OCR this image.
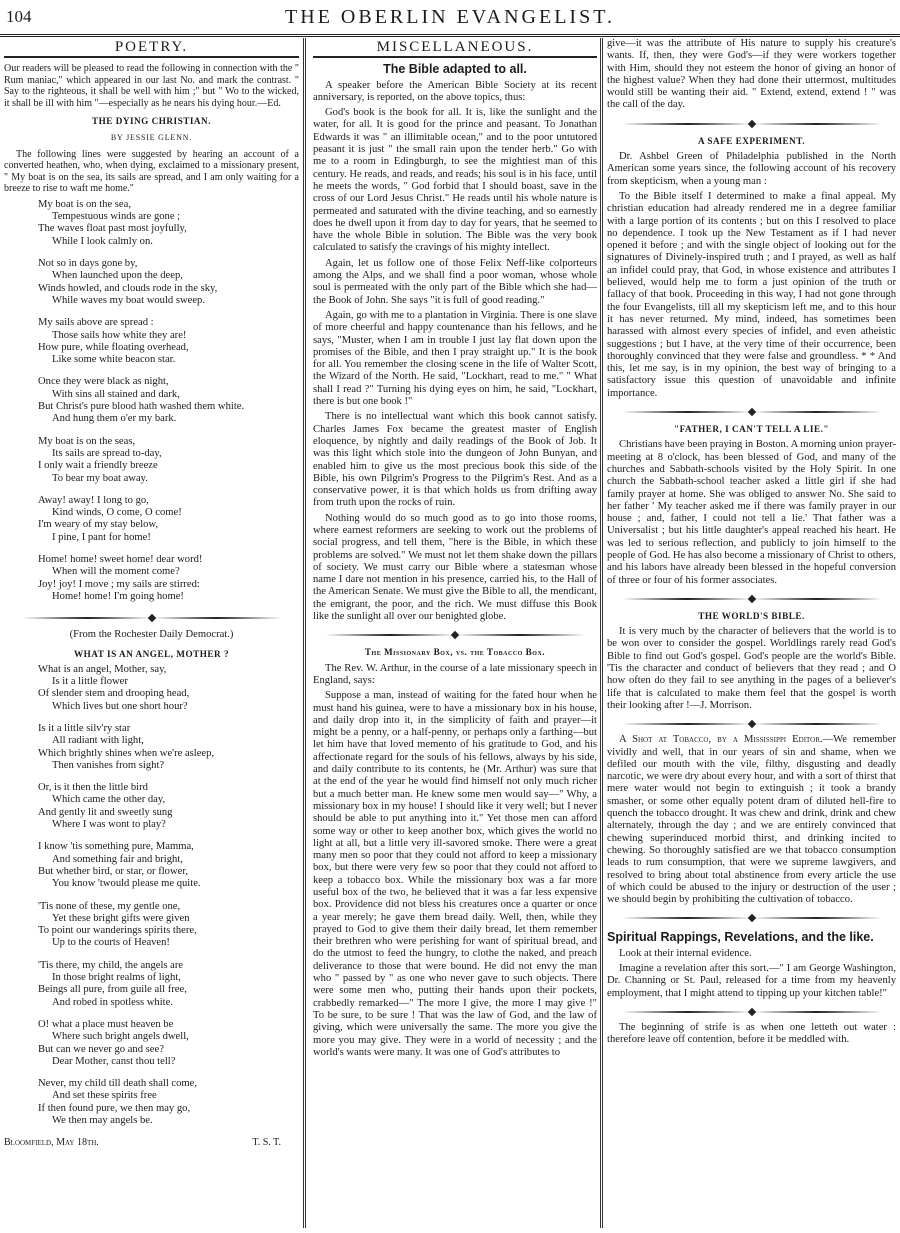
104	THE OBERLIN EVANGELIST.
POETRY.

Our readers will be pleased to read the following in connection with the " Rum maniac," which appeared in our last No. and mark the contrast. " Say to the righteous, it shall be well with him ;" but " Wo to the wicked, it shall be ill with him "—especially as he nears his dying hour.—Ed.

THE DYING CHRISTIAN.
BY JESSIE GLENN.

The following lines were suggested by hearing an account of a converted heathen, who, when dying, exclaimed to a missionary present, " My boat is on the sea, its sails are spread, and I am only waiting for a breeze to rise to waft me home."

My boat is on the sea,
Tempestuous winds are gone ;
The waves float past most joyfully,
While I look calmly on.
Not so in days gone by,
When launched upon the deep,
Winds howled, and clouds rode in the sky,
While waves my boat would sweep.
My sails above are spread :
Those sails how white they are!
How pure, while floating overhead,
Like some white beacon star.
Once they were black as night,
With sins all stained and dark,
But Christ's pure blood hath washed them white.
And hung them o'er my bark.
My boat is on the seas,
Its sails are spread to-day,
I only wait a friendly breeze
To bear my boat away.
Away! away! I long to go,
Kind winds, O come, O come!
I'm weary of my stay below,
I pine, I pant for home!
Home! home! sweet home! dear word!
When will the moment come?
Joy! joy! I move ; my sails are stirred:
Home! home! I'm going home!
(From the Rochester Daily Democrat.)
WHAT IS AN ANGEL, MOTHER ?
What is an angel, Mother, say,
Is it a little flower
Of slender stem and drooping head,
Which lives but one short hour?
Is it a little silv'ry star
All radiant with light,
Which brightly shines when we're asleep,
Then vanishes from sight?
Or, is it then the little bird
Which came the other day,
And gently lit and sweetly sung
Where I was wont to play?
I know 'tis something pure, Mamma,
And something fair and bright,
But whether bird, or star, or flower,
You know 'twould please me quite.
'Tis none of these, my gentle one,
Yet these bright gifts were given
To point our wanderings spirits there,
Up to the courts of Heaven!
'Tis there, my child, the angels are
In those bright realms of light,
Beings all pure, from guile all free,
And robed in spotless white.
O! what a place must heaven be
Where such bright angels dwell,
But can we never go and see?
Dear Mother, canst thou tell?
Never, my child till death shall come,
And set these spirits free
If then found pure, we then may go,
We then may angels be.
Bloomfield, May 18th.	T. S. T.
MISCELLANEOUS.
The Bible adapted to all.

A speaker before the American Bible Society at its recent anniversary, is reported, on the above topics, thus:

God's book is the book for all. It is, like the sunlight and the water, for all. It is good for the prince and peasant. To Jonathan Edwards it was " an illimitable ocean," and to the poor untutored peasant it is just " the small rain upon the tender herb." Go with me to a room in Edingburgh, to see the mightiest man of this century. He reads, and reads, and reads; his soul is in his face, until he meets the words, " God forbid that I should boast, save in the cross of our Lord Jesus Christ." He reads until his whole nature is permeated and saturated with the divine teaching, and so earnestly does he dwell upon it from day to day for years, that he seemed to have the whole Bible in solution. The Bible was the very book calculated to satisfy the cravings of his mighty intellect.

Again, let us follow one of those Felix Neff-like colporteurs among the Alps, and we shall find a poor woman, whose whole soul is permeated with the only part of the Bible which she had—the Book of John. She says "it is full of good reading."

Again, go with me to a plantation in Virginia. There is one slave of more cheerful and happy countenance than his fellows, and he says, "Muster, when I am in trouble I just lay flat down upon the promises of the Bible, and then I pray straight up." It is the book for all. You remember the closing scene in the life of Walter Scott, the Wizard of the North. He said, "Lockhart, read to me." " What shall I read ?" Turning his dying eyes on him, he said, "Lockhart, there is but one book !"

There is no intellectual want which this book cannot satisfy. Charles James Fox became the greatest master of English eloquence, by nightly and daily readings of the Book of Job. It was this light which stole into the dungeon of John Bunyan, and enabled him to give us the most precious book this side of the Bible, his own Pilgrim's Progress to the Pilgrim's Rest. And as a conservative power, it is that which holds us from drifting away from truth upon the rocks of ruin.

Nothing would do so much good as to go into those rooms, where earnest reformers are seeking to work out the problems of social progress, and tell them, "here is the Bible, in which these problems are solved." We must not let them shake down the pillars of society. We must carry our Bible where a statesman whose name I dare not mention in his presence, carried his, to the Hall of the American Senate. We must give the Bible to all, the mendicant, the emigrant, the poor, and the rich. We must diffuse this Book like the sunlight all over our benighted globe.

The Missionary Box, vs. the Tobacco Box.

The Rev. W. Arthur, in the course of a late missionary speech in England, says:

Suppose a man, instead of waiting for the fated hour when he must hand his guinea, were to have a missionary box in his house, and daily drop into it, in the simplicity of faith and prayer—it might be a penny, or a half-penny, or perhaps only a farthing—but let him have that loved memento of his gratitude to God, and his affectionate regard for the souls of his fellows, always by his side, and daily contribute to its contents, he (Mr. Arthur) was sure that at the end of the year he would find himself not only much richer but a much better man. He knew some men would say—" Why, a missionary box in my house! I should like it very well; but I never should be able to put anything into it." Yet those men can afford some way or other to keep another box, which gives the world no light at all, but a little very ill-savored smoke. There were a great many men so poor that they could not afford to keep a missionary box, but there were very few so poor that they could not afford to keep a tobacco box. While the missionary box was a far more useful box of the two, he believed that it was a far less expensive box. Providence did not bless his creatures once a quarter or once a year merely; he gave them bread daily. Well, then, while they prayed to God to give them their daily bread, let them remember their brethren who were perishing for want of spiritual bread, and do the utmost to feed the hungry, to clothe the naked, and preach deliverance to those that were bound. He did not envy the man who " passed by " as one who never gave to such objects. There were some men who, putting their hands upon their pockets, crabbedly remarked—" The more I give, the more I may give !" To be sure, to be sure ! That was the law of God, and the law of giving, which were universally the same. The more you give the more you may give. They were in a world of necessity ; and the world's wants were many. It was one of God's attributes to

give—it was the attribute of His nature to supply his creature's wants. If, then, they were God's—if they were workers together with Him, should they not esteem the honor of giving an honor of the highest value? When they had done their uttermost, multitudes would still be wanting their aid. " Extend, extend, extend ! " was the call of the day.

A SAFE EXPERIMENT.

Dr. Ashbel Green of Philadelphia published in the North American some years since, the following account of his recovery from skepticism, when a young man :

To the Bible itself I determined to make a final appeal. My christian education had already rendered me in a degree familiar with a large portion of its contents ; but on this I resolved to place no dependence. I took up the New Testament as if I had never opened it before ; and with the single object of looking out for the signatures of Divinely-inspired truth ; and I prayed, as well as half an infidel could pray, that God, in whose existence and attributes I believed, would help me to form a just opinion of the truth or fallacy of that book. Proceeding in this way, I had not gone through the four Evangelists, till all my skepticism left me, and to this hour it has never returned. My mind, indeed, has sometimes been harassed with almost every species of infidel, and even atheistic suggestions ; but I have, at the very time of their occurrence, been thoroughly convinced that they were false and groundless. * * And this, let me say, is in my opinion, the best way of bringing to a satisfactory issue this question of unavoidable and infinite importance.

"FATHER, I CAN'T TELL A LIE."

Christians have been praying in Boston. A morning union prayer-meeting at 8 o'clock, has been blessed of God, and many of the churches and Sabbath-schools visited by the Holy Spirit. In one church the Sabbath-school teacher asked a little girl if she had family prayer at home. She was obliged to answer No. She said to her father ' My teacher asked me if there was family prayer in our house ; and, father, I could not tell a lie.' That father was a Universalist ; but his little daughter's appeal reached his heart. He was led to serious reflection, and publicly to join himself to the people of God. He has also become a missionary of Christ to others, and his labors have already been blessed in the hopeful conversion of three or four of his former associates.

THE WORLD'S BIBLE.

It is very much by the character of believers that the world is to be won over to consider the gospel. Worldlings rarely read God's Bible to find out God's gospel. God's people are the world's Bible. 'Tis the character and conduct of believers that they read ; and O how often do they fail to see anything in the pages of a believer's life that is calculated to make them feel that the gospel is worth their looking after !—J. Morrison.

A Shot at Tobacco, by a Mississippi Editor.—We remember vividly and well, that in our years of sin and shame, when we defiled our mouth with the vile, filthy, disgusting and deadly narcotic, we were dry about every hour, and with a sort of thirst that mere water would not begin to extinguish ; it took a brandy smasher, or some other equally potent dram of diluted hell-fire to quench the tobacco drought. It was chew and drink, drink and chew alternately, through the day ; and we are entirely convinced that chewing superinduced morbid thirst, and drinking incited to chewing. So thoroughly satisfied are we that tobacco consumption leads to rum consumption, that were we supreme lawgivers, and resolved to bring about total abstinence from every article the use of which could be abused to the injury or destruction of the user ; we should begin by prohibiting the cultivation of tobacco.

Spiritual Rappings, Revelations, and the like.

Look at their internal evidence.

Imagine a revelation after this sort.—" I am George Washington, Dr. Channing or St. Paul, released for a time from my heavenly employment, that I might attend to tipping up your kitchen table!"

The beginning of strife is as when one letteth out water : therefore leave off contention, before it be meddled with.
